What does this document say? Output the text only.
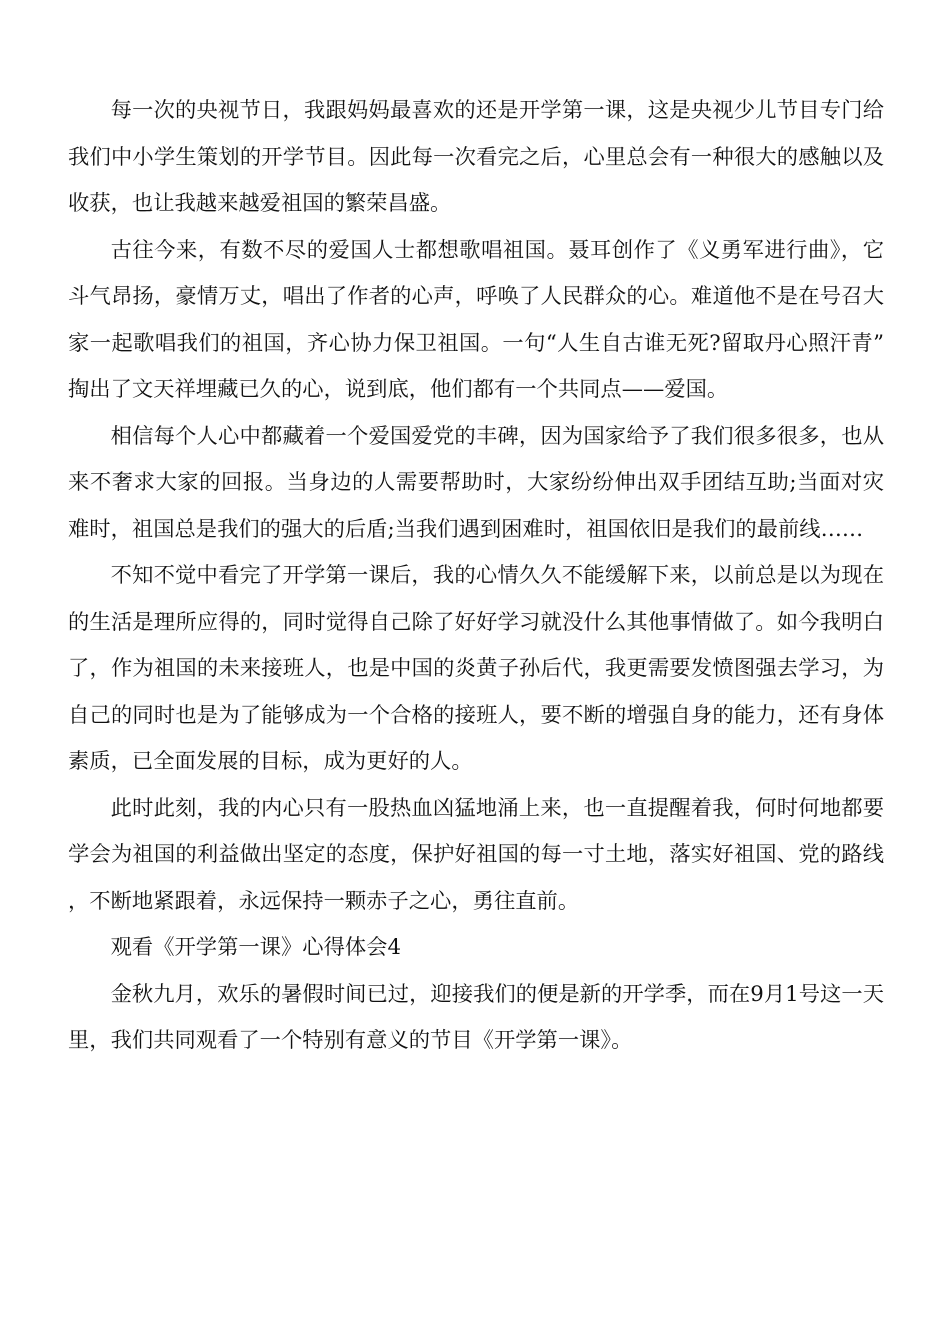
每一次的央视节日，我跟妈妈最喜欢的还是开学第一课，这是央视少儿节目专门给我们中小学生策划的开学节目。因此每一次看完之后，心里总会有一种很大的感触以及收获，也让我越来越爱祖国的繁荣昌盛。

古往今来，有数不尽的爱国人士都想歌唱祖国。聂耳创作了《义勇军进行曲》，它斗气昂扬，豪情万丈，唱出了作者的心声，呼唤了人民群众的心。难道他不是在号召大家一起歌唱我们的祖国，齐心协力保卫祖国。一句“人生自古谁无死?留取丹心照汗青”掏出了文天祥埋藏已久的心，说到底，他们都有一个共同点——爱国。

相信每个人心中都藏着一个爱国爱党的丰碑，因为国家给予了我们很多很多，也从来不奢求大家的回报。当身边的人需要帮助时，大家纷纷伸出双手团结互助;当面对灾难时，祖国总是我们的强大的后盾;当我们遇到困难时，祖国依旧是我们的最前线……

不知不觉中看完了开学第一课后，我的心情久久不能缓解下来，以前总是以为现在的生活是理所应得的，同时觉得自己除了好好学习就没什么其他事情做了。如今我明白了，作为祖国的未来接班人，也是中国的炎黄子孙后代，我更需要发愤图强去学习，为自己的同时也是为了能够成为一个合格的接班人，要不断的增强自身的能力，还有身体素质，已全面发展的目标，成为更好的人。

此时此刻，我的内心只有一股热血凶猛地涌上来，也一直提醒着我，何时何地都要学会为祖国的利益做出坚定的态度，保护好祖国的每一寸土地，落实好祖国、党的路线，不断地紧跟着，永远保持一颗赤子之心，勇往直前。

观看《开学第一课》心得体会4

金秋九月，欢乐的暑假时间已过，迎接我们的便是新的开学季，而在9月1号这一天里，我们共同观看了一个特别有意义的节目《开学第一课》。
